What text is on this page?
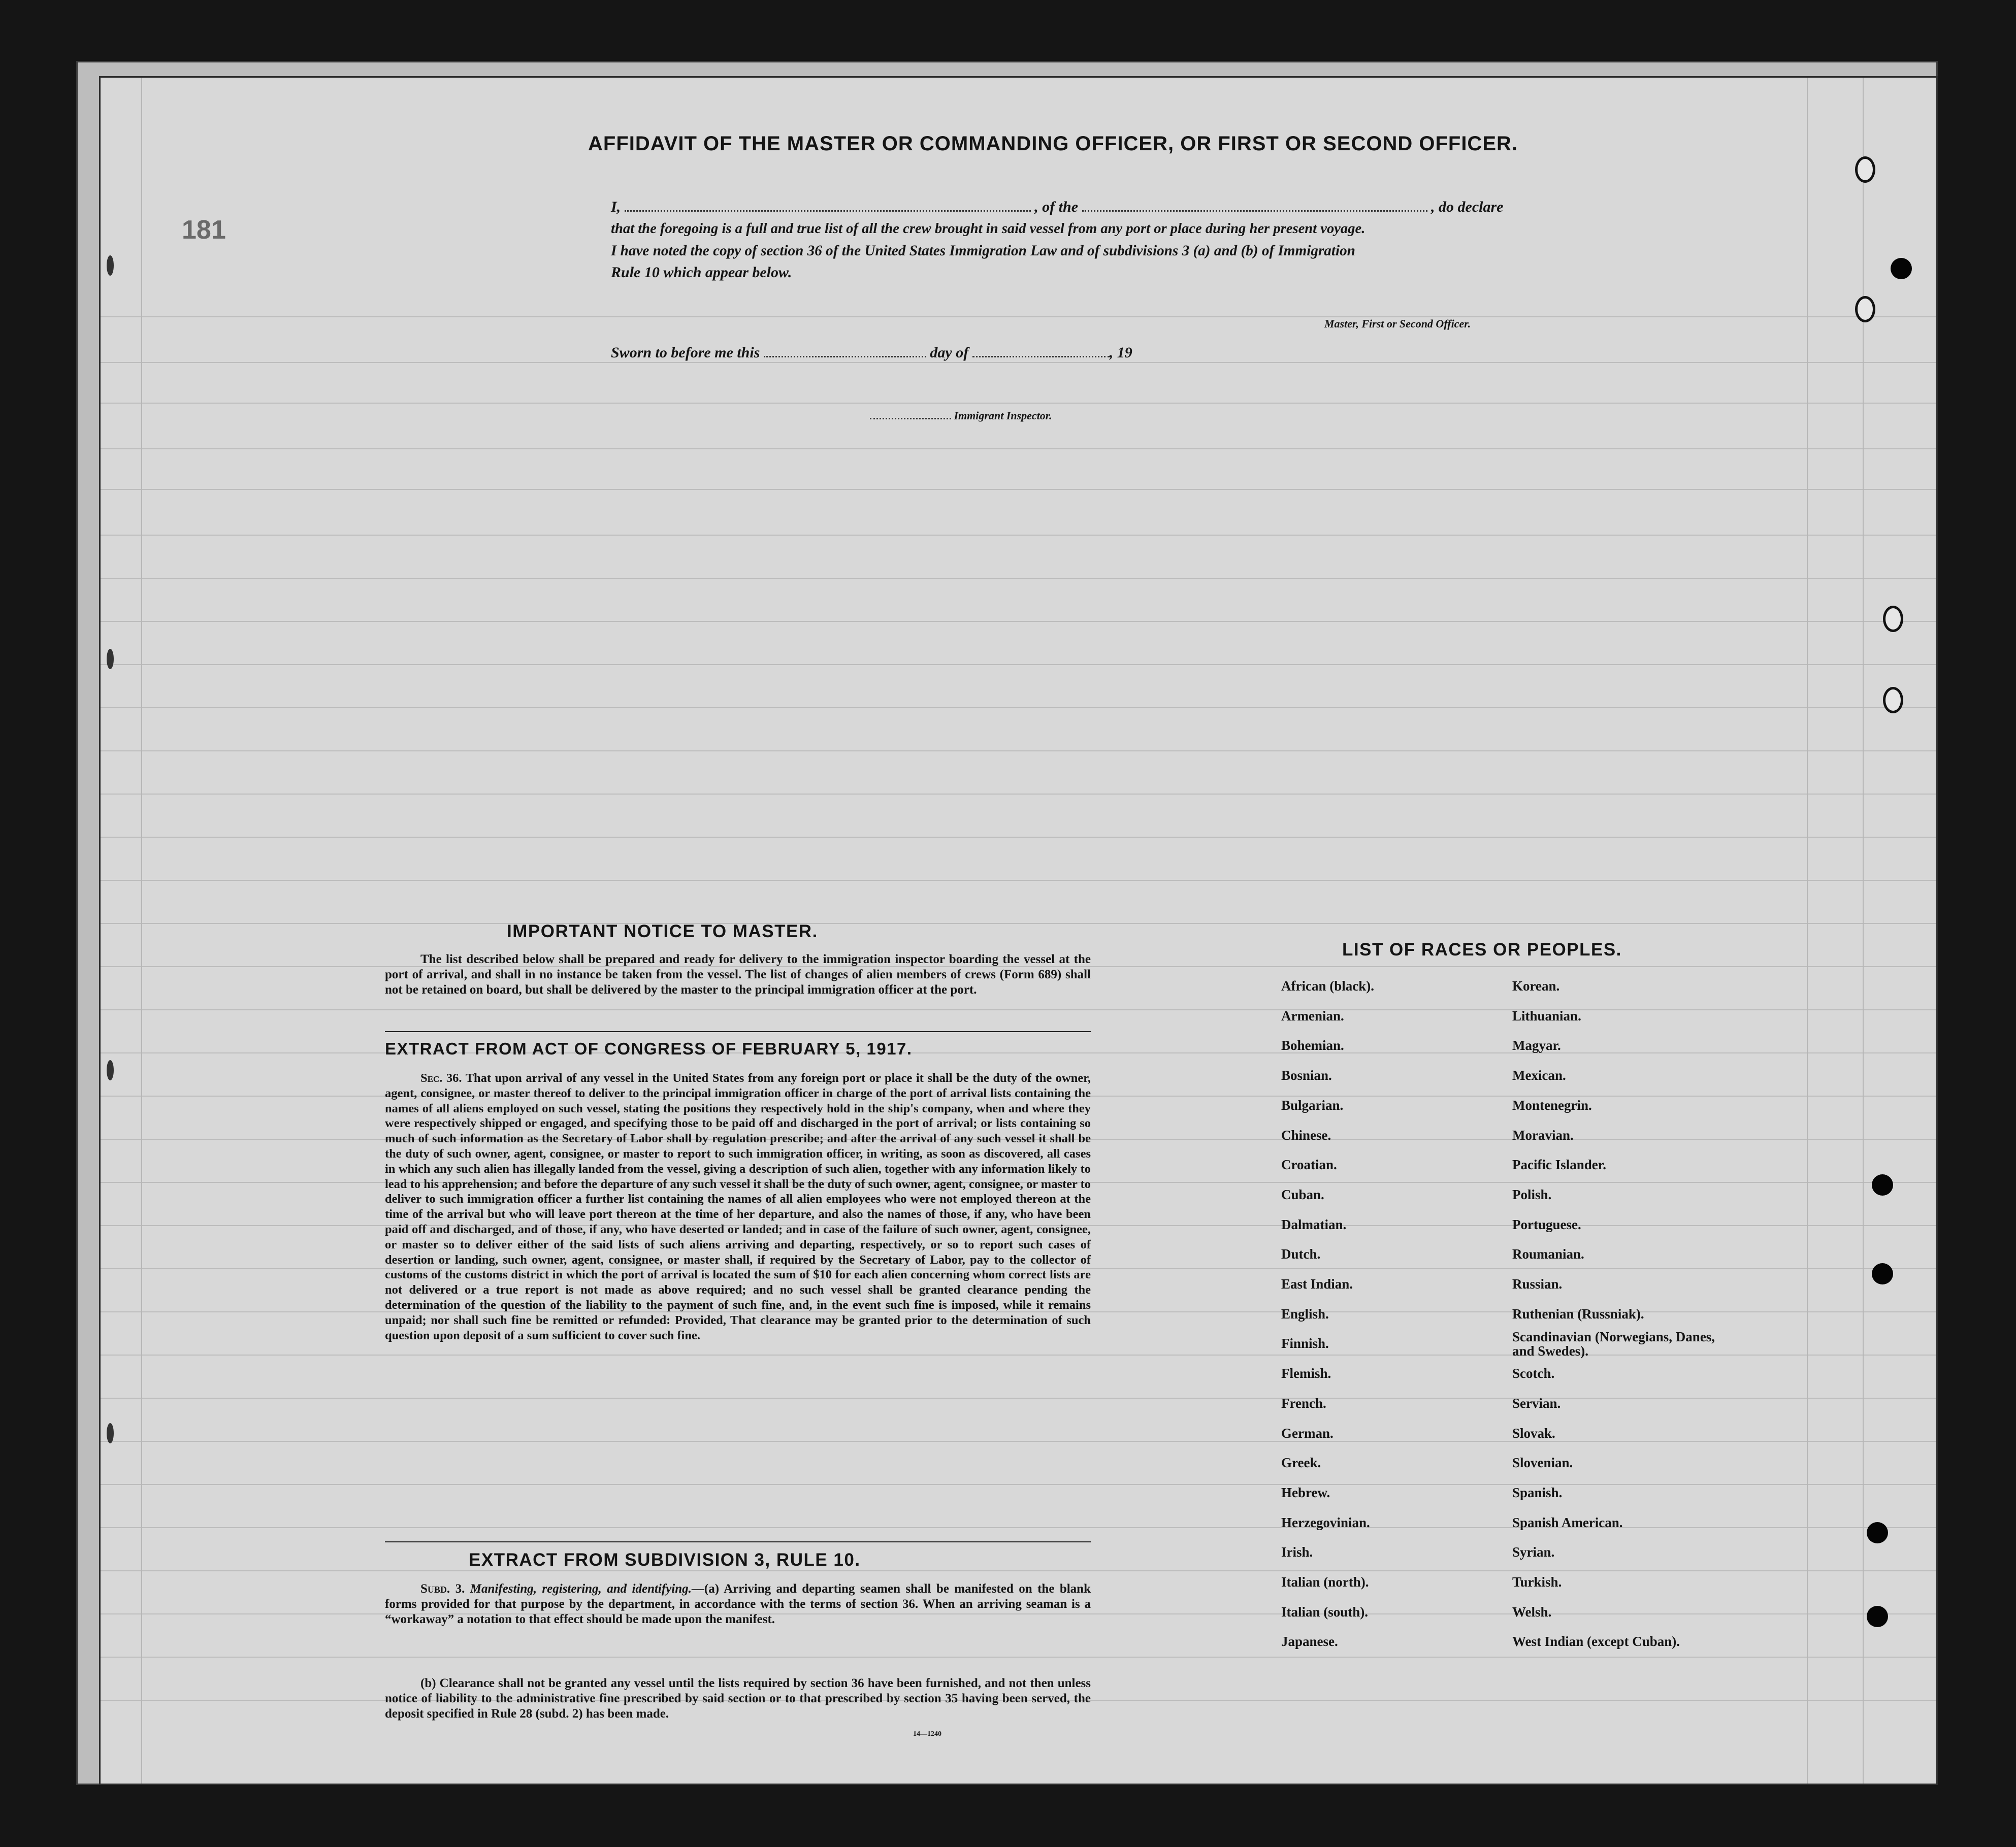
181
AFFIDAVIT OF THE MASTER OR COMMANDING OFFICER, OR FIRST OR SECOND OFFICER.
I,	, of the	, do declare
that the foregoing is a full and true list of all the crew brought in said vessel from any port or place during her present voyage.
I have noted the copy of section 36 of the United States Immigration Law and of subdivisions 3 (a) and (b) of Immigration
Rule 10 which appear below.
Master, First or Second Officer.
Sworn to before me this	day of	, 19
Immigrant Inspector.
IMPORTANT NOTICE TO MASTER.
The list described below shall be prepared and ready for delivery to the immigration inspector boarding the vessel at the port of arrival, and shall in no instance be taken from the vessel. The list of changes of alien members of crews (Form 689) shall not be retained on board, but shall be delivered by the master to the principal immigration officer at the port.
EXTRACT FROM ACT OF CONGRESS OF FEBRUARY 5, 1917.
Sec. 36. That upon arrival of any vessel in the United States from any foreign port or place it shall be the duty of the owner, agent, consignee, or master thereof to deliver to the principal immigration officer in charge of the port of arrival lists containing the names of all aliens employed on such vessel, stating the positions they respectively hold in the ship's company, when and where they were respectively shipped or engaged, and specifying those to be paid off and discharged in the port of arrival; or lists containing so much of such information as the Secretary of Labor shall by regulation prescribe; and after the arrival of any such vessel it shall be the duty of such owner, agent, consignee, or master to report to such immigration officer, in writing, as soon as discovered, all cases in which any such alien has illegally landed from the vessel, giving a description of such alien, together with any information likely to lead to his apprehension; and before the departure of any such vessel it shall be the duty of such owner, agent, consignee, or master to deliver to such immigration officer a further list containing the names of all alien employees who were not employed thereon at the time of the arrival but who will leave port thereon at the time of her departure, and also the names of those, if any, who have been paid off and discharged, and of those, if any, who have deserted or landed; and in case of the failure of such owner, agent, consignee, or master so to deliver either of the said lists of such aliens arriving and departing, respectively, or so to report such cases of desertion or landing, such owner, agent, consignee, or master shall, if required by the Secretary of Labor, pay to the collector of customs of the customs district in which the port of arrival is located the sum of $10 for each alien concerning whom correct lists are not delivered or a true report is not made as above required; and no such vessel shall be granted clearance pending the determination of the question of the liability to the payment of such fine, and, in the event such fine is imposed, while it remains unpaid; nor shall such fine be remitted or refunded: Provided, That clearance may be granted prior to the determination of such question upon deposit of a sum sufficient to cover such fine.
EXTRACT FROM SUBDIVISION 3, RULE 10.
Subd. 3. Manifesting, registering, and identifying.—(a) Arriving and departing seamen shall be manifested on the blank forms provided for that purpose by the department, in accordance with the terms of section 36. When an arriving seaman is a “workaway” a notation to that effect should be made upon the manifest.
(b) Clearance shall not be granted any vessel until the lists required by section 36 have been furnished, and not then unless notice of liability to the administrative fine prescribed by said section or to that prescribed by section 35 having been served, the deposit specified in Rule 28 (subd. 2) has been made.
14—1240
LIST OF RACES OR PEOPLES.
African (black).
Armenian.
Bohemian.
Bosnian.
Bulgarian.
Chinese.
Croatian.
Cuban.
Dalmatian.
Dutch.
East Indian.
English.
Finnish.
Flemish.
French.
German.
Greek.
Hebrew.
Herzegovinian.
Irish.
Italian (north).
Italian (south).
Japanese.
Korean.
Lithuanian.
Magyar.
Mexican.
Montenegrin.
Moravian.
Pacific Islander.
Polish.
Portuguese.
Roumanian.
Russian.
Ruthenian (Russniak).
Scandinavian (Norwegians, Danes, and Swedes).
Scotch.
Servian.
Slovak.
Slovenian.
Spanish.
Spanish American.
Syrian.
Turkish.
Welsh.
West Indian (except Cuban).
